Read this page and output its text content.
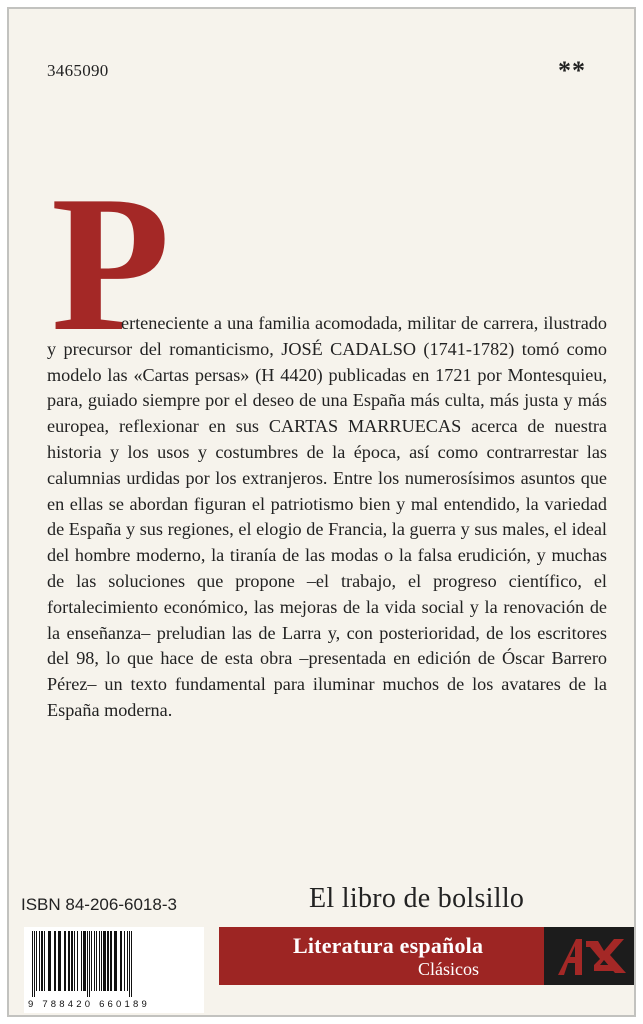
3465090	**
P

erteneciente a una familia acomodada, militar de carrera, ilustrado y precursor del romanticismo, JOSÉ CADALSO (1741-1782) tomó como modelo las «Cartas persas» (H 4420) publicadas en 1721 por Montesquieu, para, guiado siempre por el deseo de una España más culta, más justa y más europea, reflexionar en sus CARTAS MARRUECAS acerca de nuestra historia y los usos y costumbres de la época, así como contrarrestar las calumnias urdidas por los extranjeros. Entre los numerosísimos asuntos que en ellas se abordan figuran el patriotismo bien y mal entendido, la variedad de España y sus regiones, el elogio de Francia, la guerra y sus males, el ideal del hombre moderno, la tiranía de las modas o la falsa erudición, y muchas de las soluciones que propone –el trabajo, el progreso científico, el fortalecimiento económico, las mejoras de la vida social y la renovación de la enseñanza– preludian las de Larra y, con posterioridad, de los escritores del 98, lo que hace de esta obra –presentada en edición de Óscar Barrero Pérez– un texto fundamental para iluminar muchos de los avatares de la España moderna.

ISBN 84-206-6018-3
9 788420 660189
El libro de bolsillo
Literatura española
Clásicos
